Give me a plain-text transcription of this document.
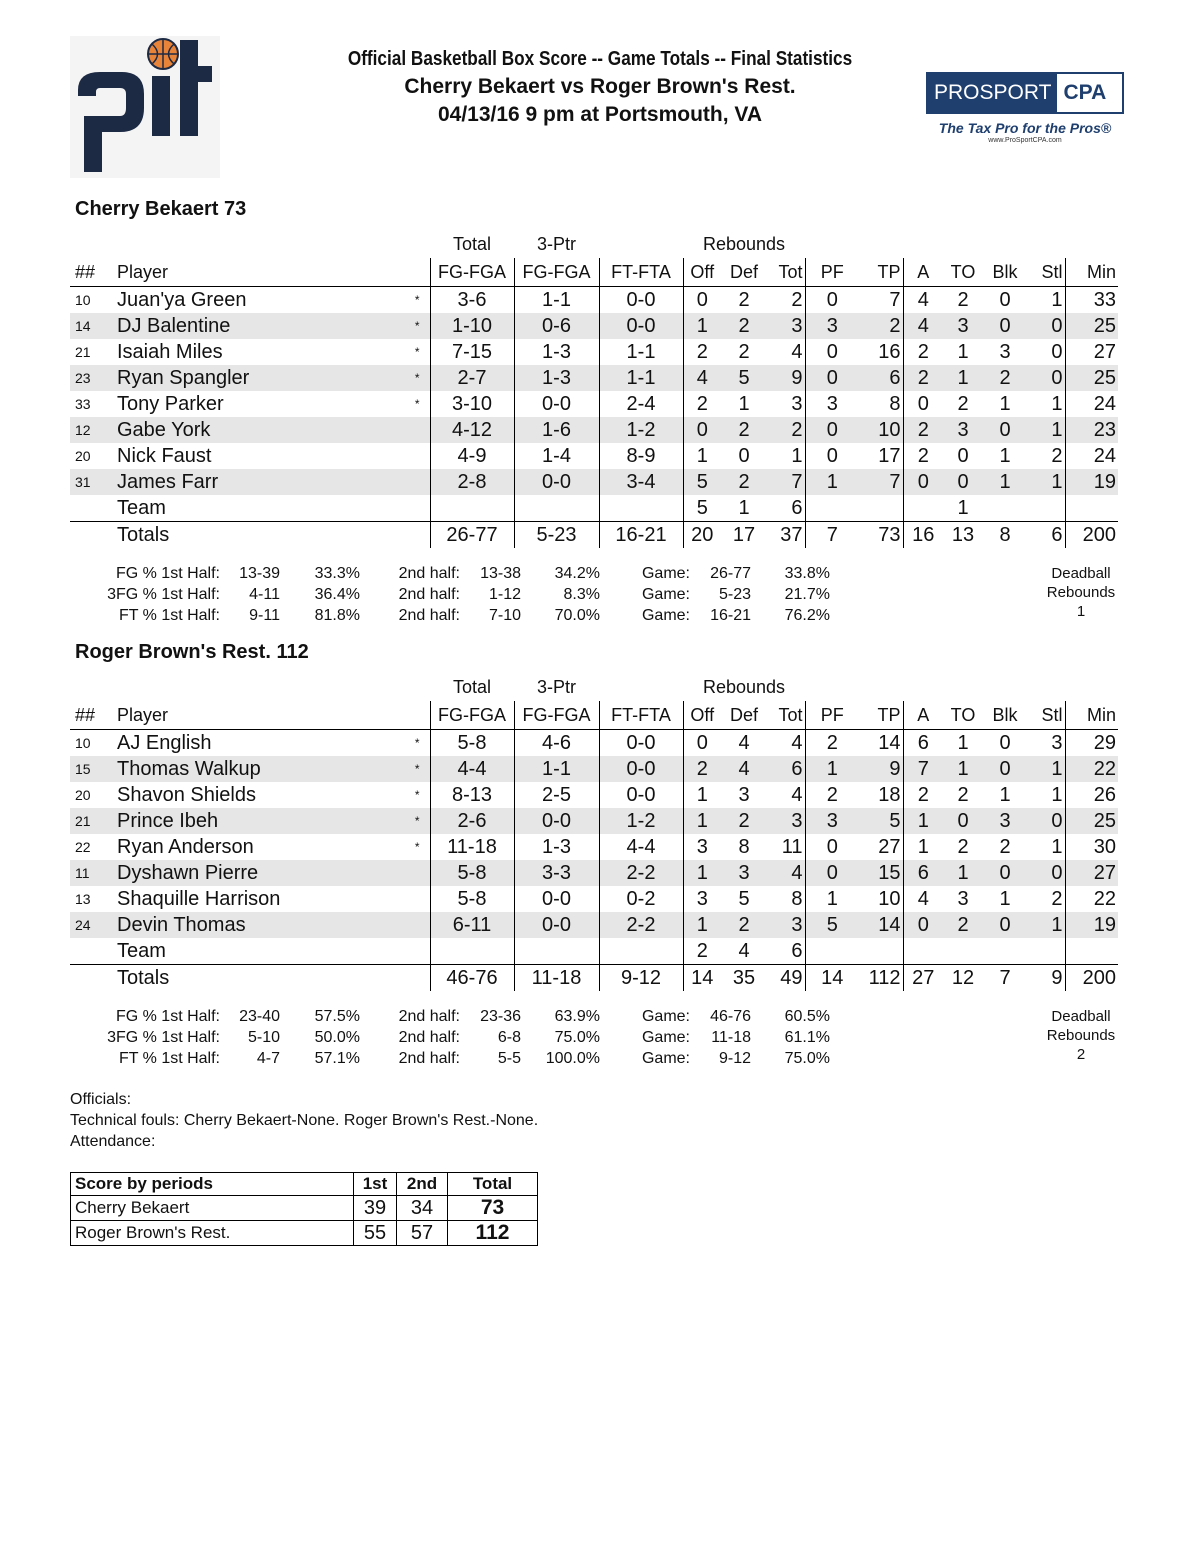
Official Basketball Box Score -- Game Totals -- Final Statistics
Cherry Bekaert vs Roger Brown's Rest.
04/13/16 9 pm at Portsmouth, VA
PROSPORT CPA
The Tax Pro for the Pros®
www.ProSportCPA.com
Cherry Bekaert 73
			Total	3-Ptr		Rebounds									
##	Player		FG-FGA	FG-FGA	FT-FTA	Off	Def	Tot	PF	TP	A	TO	Blk	Stl	Min
10	Juan'ya Green	*	3-6	1-1	0-0	0	2	2	0	7	4	2	0	1	33
14	DJ Balentine	*	1-10	0-6	0-0	1	2	3	3	2	4	3	0	0	25
21	Isaiah Miles	*	7-15	1-3	1-1	2	2	4	0	16	2	1	3	0	27
23	Ryan Spangler	*	2-7	1-3	1-1	4	5	9	0	6	2	1	2	0	25
33	Tony Parker	*	3-10	0-0	2-4	2	1	3	3	8	0	2	1	1	24
12	Gabe York		4-12	1-6	1-2	0	2	2	0	10	2	3	0	1	23
20	Nick Faust		4-9	1-4	8-9	1	0	1	0	17	2	0	1	2	24
31	James Farr		2-8	0-0	3-4	5	2	7	1	7	0	0	1	1	19
	Team					5	1	6				1			
	Totals		26-77	5-23	16-21	20	17	37	7	73	16	13	8	6	200
FG % 1st Half: 13-39 33.3% 2nd half: 13-38 34.2%	Game: 26-77 33.8%
3FG % 1st Half: 4-11 36.4% 2nd half: 1-12	8.3%	Game: 5-23 21.7%
FT % 1st Half: 9-11 81.8% 2nd half: 7-10 70.0%	Game: 16-21 76.2%
Deadball
Rebounds
1
Roger Brown's Rest. 112
			Total	3-Ptr		Rebounds									
##	Player		FG-FGA	FG-FGA	FT-FTA	Off	Def	Tot	PF	TP	A	TO	Blk	Stl	Min
10	AJ English	*	5-8	4-6	0-0	0	4	4	2	14	6	1	0	3	29
15	Thomas Walkup	*	4-4	1-1	0-0	2	4	6	1	9	7	1	0	1	22
20	Shavon Shields	*	8-13	2-5	0-0	1	3	4	2	18	2	2	1	1	26
21	Prince Ibeh	*	2-6	0-0	1-2	1	2	3	3	5	1	0	3	0	25
22	Ryan Anderson	*	11-18	1-3	4-4	3	8	11	0	27	1	2	2	1	30
11	Dyshawn Pierre		5-8	3-3	2-2	1	3	4	0	15	6	1	0	0	27
13	Shaquille Harrison		5-8	0-0	0-2	3	5	8	1	10	4	3	1	2	22
24	Devin Thomas		6-11	0-0	2-2	1	2	3	5	14	0	2	0	1	19
	Team					2	4	6							
	Totals		46-76	11-18	9-12	14	35	49	14	112	27	12	7	9	200
FG % 1st Half: 23-40 57.5% 2nd half: 23-36 63.9%	Game: 46-76 60.5%
3FG % 1st Half: 5-10 50.0% 2nd half: 6-8 75.0%	Game: 11-18 61.1%
FT % 1st Half: 4-7 57.1% 2nd half: 5-5 100.0%	Game: 9-12 75.0%
Deadball
Rebounds
2
Officials:
Technical fouls: Cherry Bekaert-None. Roger Brown's Rest.-None.
Attendance:
Score by periods	1st	2nd	Total
Cherry Bekaert	39	34	73
Roger Brown's Rest.	55	57	112
